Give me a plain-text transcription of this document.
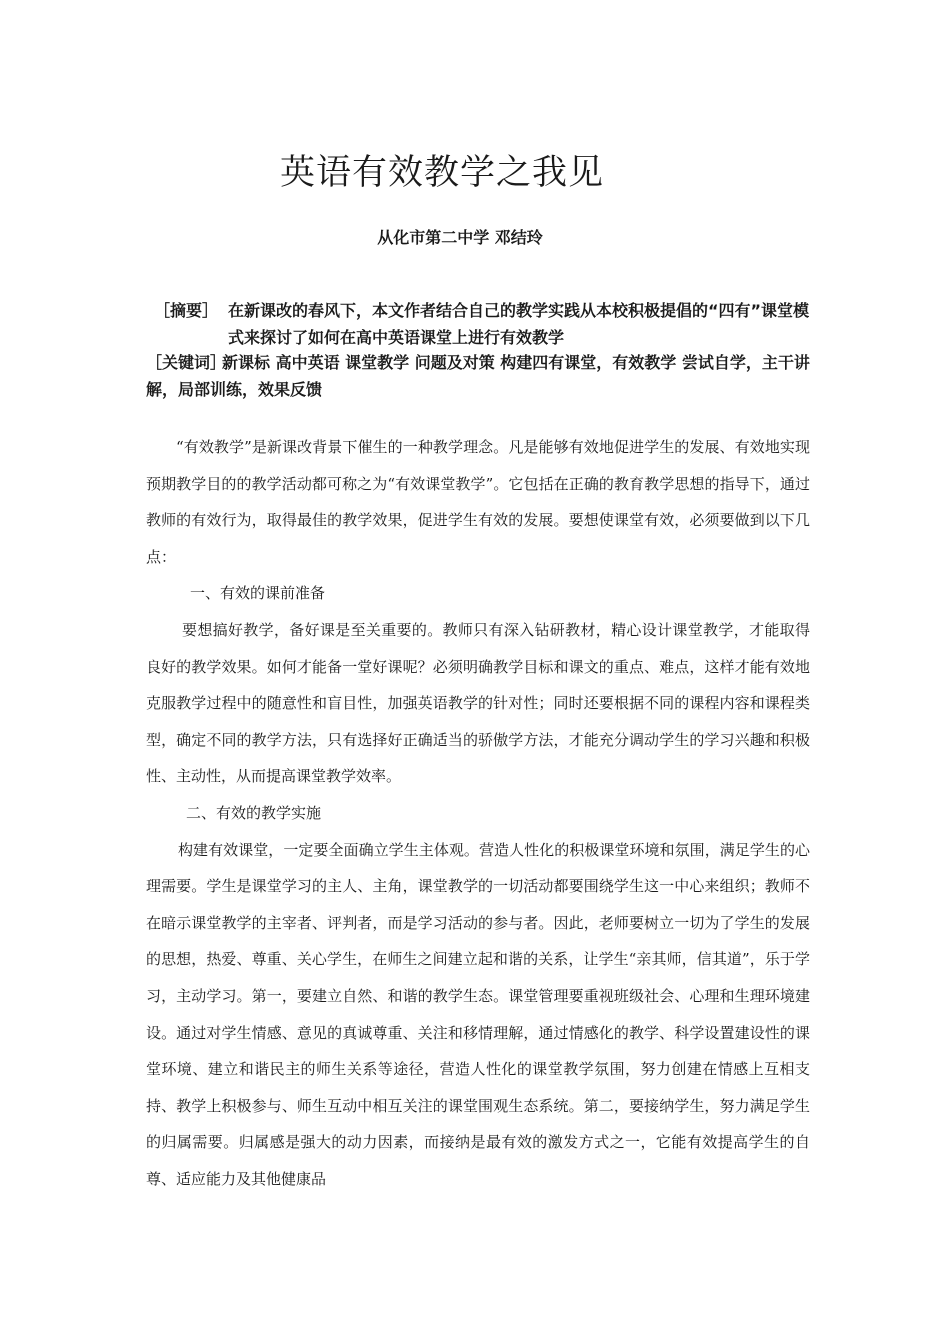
英语有效教学之我见
从化市第二中学 邓结玲
［摘要］ 在新课改的春风下，本文作者结合自己的教学实践从本校积极提倡的“四有”课堂模式来探讨了如何在高中英语课堂上进行有效教学
［关键词］
新课标 高中英语 课堂教学 问题及对策 构建四有课堂，有效教学 尝试自学，主干讲解，局部训练，效果反馈

“有效教学”是新课改背景下催生的一种教学理念。凡是能够有效地促进学生的发展、有效地实现预期教学目的的教学活动都可称之为“有效课堂教学”。它包括在正确的教育教学思想的指导下，通过教师的有效行为，取得最佳的教学效果，促进学生有效的发展。要想使课堂有效，必须要做到以下几点：

一、有效的课前准备

要想搞好教学，备好课是至关重要的。教师只有深入钻研教材，精心设计课堂教学，才能取得良好的教学效果。如何才能备一堂好课呢？必须明确教学目标和课文的重点、难点，这样才能有效地克服教学过程中的随意性和盲目性，加强英语教学的针对性；同时还要根据不同的课程内容和课程类型，确定不同的教学方法，只有选择好正确适当的骄傲学方法，才能充分调动学生的学习兴趣和积极性、主动性，从而提高课堂教学效率。

二、有效的教学实施

构建有效课堂，一定要全面确立学生主体观。营造人性化的积极课堂环境和氛围，满足学生的心理需要。学生是课堂学习的主人、主角，课堂教学的一切活动都要围绕学生这一中心来组织；教师不在暗示课堂教学的主宰者、评判者，而是学习活动的参与者。因此，老师要树立一切为了学生的发展的思想，热爱、尊重、关心学生，在师生之间建立起和谐的关系，让学生“亲其师，信其道”，乐于学习，主动学习。第一，要建立自然、和谐的教学生态。课堂管理要重视班级社会、心理和生理环境建设。通过对学生情感、意见的真诚尊重、关注和移情理解，通过情感化的教学、科学设置建设性的课堂环境、建立和谐民主的师生关系等途径，营造人性化的课堂教学氛围，努力创建在情感上互相支持、教学上积极参与、师生互动中相互关注的课堂围观生态系统。第二，要接纳学生，努力满足学生的归属需要。归属感是强大的动力因素，而接纳是最有效的激发方式之一，它能有效提高学生的自尊、适应能力及其他健康品
